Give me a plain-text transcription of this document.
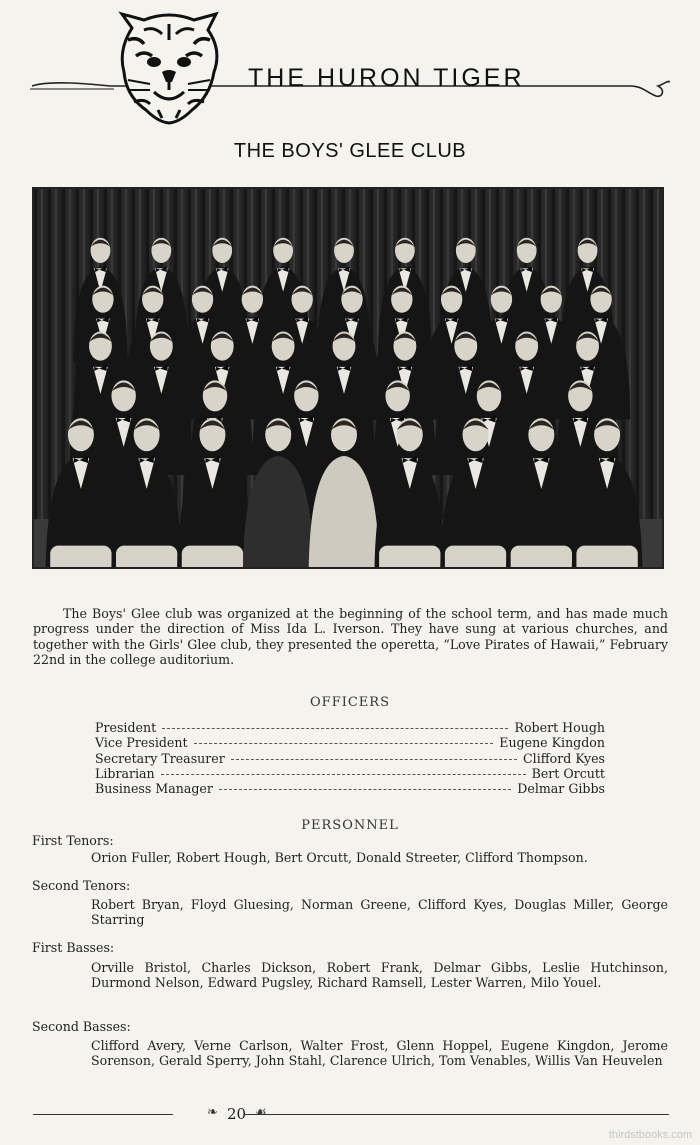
THE HURON TIGER
THE BOYS' GLEE CLUB

The Boys' Glee club was organized at the beginning of the school term, and has made much progress under the direction of Miss Ida L. Iverson. They have sung at various churches, and together with the Girls' Glee club, they presented the operetta, “Love Pirates of Hawaii,” February 22nd in the college auditorium.

OFFICERS
President	Robert Hough
Vice President	Eugene Kingdon
Secretary Treasurer	Clifford Kyes
Librarian	Bert Orcutt
Business Manager	Delmar Gibbs
PERSONNEL
First Tenors:
Orion Fuller, Robert Hough, Bert Orcutt, Donald Streeter, Clifford Thompson.
Second Tenors:
Robert Bryan, Floyd Gluesing, Norman Greene, Clifford Kyes, Douglas Miller, George Starring
First Basses:
Orville Bristol, Charles Dickson, Robert Frank, Delmar Gibbs, Leslie Hutchinson, Durmond Nelson, Edward Pugsley, Richard Ramsell, Lester Warren, Milo Youel.
Second Basses:
Clifford Avery, Verne Carlson, Walter Frost, Glenn Hoppel, Eugene Kingdon, Jerome Sorenson, Gerald Sperry, John Stahl, Clarence Ulrich, Tom Venables, Willis Van Heuvelen
❧ 20 ☙
thirdstbooks.com
